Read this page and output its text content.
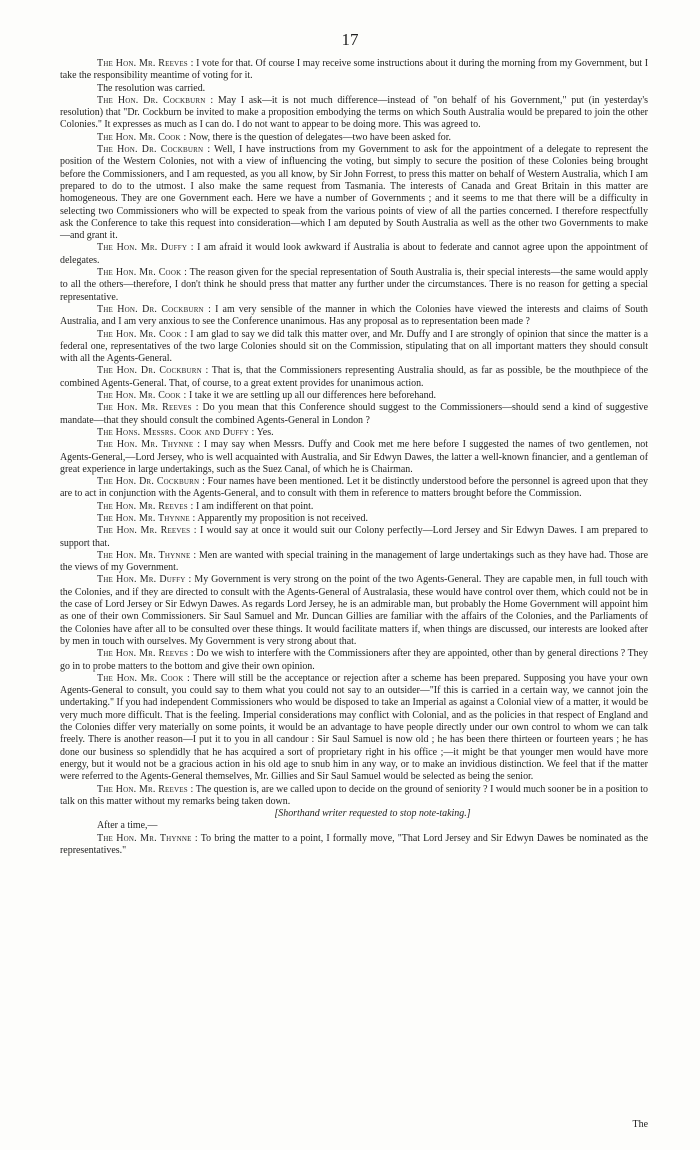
17

The Hon. Mr. Reeves : I vote for that. Of course I may receive some instructions about it during the morning from my Government, but I take the responsibility meantime of voting for it.

The resolution was carried.

The Hon. Dr. Cockburn : May I ask—it is not much difference—instead of "on behalf of his Government," put (in yesterday's resolution) that "Dr. Cockburn be invited to make a proposition embodying the terms on which South Australia would be prepared to join the other Colonies." It expresses as much as I can do. I do not want to appear to be doing more. This was agreed to.

The Hon. Mr. Cook : Now, there is the question of delegates—two have been asked for.

The Hon. Dr. Cockburn : Well, I have instructions from my Government to ask for the appointment of a delegate to represent the position of the Western Colonies, not with a view of influencing the voting, but simply to secure the position of these Colonies being brought before the Commissioners, and I am requested, as you all know, by Sir John Forrest, to press this matter on behalf of Western Australia, which I am prepared to do to the utmost. I also make the same request from Tasmania. The interests of Canada and Great Britain in this matter are homogeneous. They are one Government each. Here we have a number of Governments ; and it seems to me that there will be a difficulty in selecting two Commissioners who will be expected to speak from the various points of view of all the parties concerned. I therefore respectfully ask the Conference to take this request into consideration—which I am deputed by South Australia as well as the other two Governments to make—and grant it.

The Hon. Mr. Duffy : I am afraid it would look awkward if Australia is about to federate and cannot agree upon the appointment of delegates.

The Hon. Mr. Cook : The reason given for the special representation of South Australia is, their special interests—the same would apply to all the others—therefore, I don't think he should press that matter any further under the circumstances. There is no reason for getting a special representative.

The Hon. Dr. Cockburn : I am very sensible of the manner in which the Colonies have viewed the interests and claims of South Australia, and I am very anxious to see the Conference unanimous. Has any proposal as to representation been made ?

The Hon. Mr. Cook : I am glad to say we did talk this matter over, and Mr. Duffy and I are strongly of opinion that since the matter is a federal one, representatives of the two large Colonies should sit on the Commission, stipulating that on all important matters they should consult with all the Agents-General.

The Hon. Dr. Cockburn : That is, that the Commissioners representing Australia should, as far as possible, be the mouthpiece of the combined Agents-General. That, of course, to a great extent provides for unanimous action.

The Hon. Mr. Cook : I take it we are settling up all our differences here beforehand.

The Hon. Mr. Reeves : Do you mean that this Conference should suggest to the Commissioners—should send a kind of suggestive mandate—that they should consult the combined Agents-General in London ?

The Hons. Messrs. Cook and Duffy : Yes.

The Hon. Mr. Thynne : I may say when Messrs. Duffy and Cook met me here before I suggested the names of two gentlemen, not Agents-General,—Lord Jersey, who is well acquainted with Australia, and Sir Edwyn Dawes, the latter a well-known financier, and a gentleman of great experience in large undertakings, such as the Suez Canal, of which he is Chairman.

The Hon. Dr. Cockburn : Four names have been mentioned. Let it be distinctly understood before the personnel is agreed upon that they are to act in conjunction with the Agents-General, and to consult with them in reference to matters brought before the Commission.

The Hon. Mr. Reeves : I am indifferent on that point.

The Hon. Mr. Thynne : Apparently my proposition is not received.

The Hon. Mr. Reeves : I would say at once it would suit our Colony perfectly—Lord Jersey and Sir Edwyn Dawes. I am prepared to support that.

The Hon. Mr. Thynne : Men are wanted with special training in the management of large undertakings such as they have had. Those are the views of my Government.

The Hon. Mr. Duffy : My Government is very strong on the point of the two Agents-General. They are capable men, in full touch with the Colonies, and if they are directed to consult with the Agents-General of Australasia, these would have control over them, which could not be in the case of Lord Jersey or Sir Edwyn Dawes. As regards Lord Jersey, he is an admirable man, but probably the Home Government will appoint him as one of their own Commissioners. Sir Saul Samuel and Mr. Duncan Gillies are familiar with the affairs of the Colonies, and the Parliaments of the Colonies have after all to be consulted over these things. It would facilitate matters if, when things are discussed, our interests are looked after by men in touch with ourselves. My Government is very strong about that.

The Hon. Mr. Reeves : Do we wish to interfere with the Commissioners after they are appointed, other than by general directions ? They go in to probe matters to the bottom and give their own opinion.

The Hon. Mr. Cook : There will still be the acceptance or rejection after a scheme has been prepared. Supposing you have your own Agents-General to consult, you could say to them what you could not say to an outsider—"If this is carried in a certain way, we cannot join the undertaking." If you had independent Commissioners who would be disposed to take an Imperial as against a Colonial view of a matter, it would be very much more difficult. That is the feeling. Imperial considerations may conflict with Colonial, and as the policies in that respect of England and the Colonies differ very materially on some points, it would be an advantage to have people directly under our own control to whom we can talk freely. There is another reason—I put it to you in all candour : Sir Saul Samuel is now old ; he has been there thirteen or fourteen years ; he has done our business so splendidly that he has acquired a sort of proprietary right in his office ;—it might be that younger men would have more energy, but it would not be a gracious action in his old age to snub him in any way, or to make an invidious distinction. We feel that if the matter were referred to the Agents-General themselves, Mr. Gillies and Sir Saul Samuel would be selected as being the senior.

The Hon. Mr. Reeves : The question is, are we called upon to decide on the ground of seniority ? I would much sooner be in a position to talk on this matter without my remarks being taken down.

[Shorthand writer requested to stop note-taking.]

After a time,—

The Hon. Mr. Thynne : To bring the matter to a point, I formally move, "That Lord Jersey and Sir Edwyn Dawes be nominated as the representatives."

The
